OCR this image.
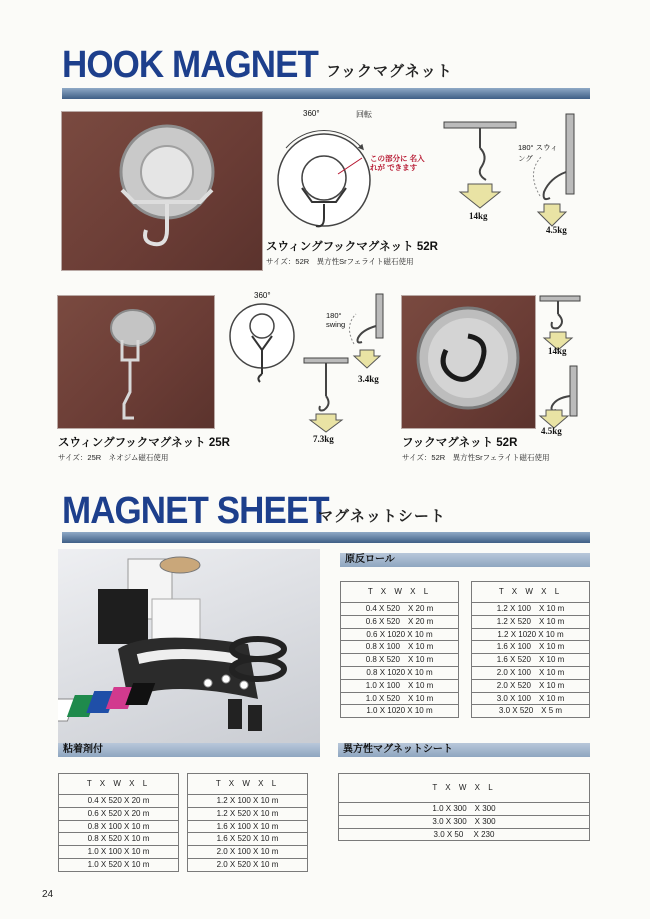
HOOK MAGNET フックマグネット
360°	回転
この部分に 名入れが できます
180° スウィング
14kg
4.5kg
スウィングフックマグネット 52R
サイズ：52R　異方性Srフェライト磁石使用
360°
180° swing
3.4kg
7.3kg
スウィングフックマグネット 25R
サイズ：25R　ネオジム磁石使用
14kg
4.5kg
フックマグネット 52R
サイズ：52R　異方性Srフェライト磁石使用
MAGNET SHEET
マグネットシート
原反ロール
T X W X L
0.4 X 520　X 20 m
0.6 X 520　X 20 m
0.6 X 1020 X 10 m
0.8 X 100　X 10 m
0.8 X 520　X 10 m
0.8 X 1020 X 10 m
1.0 X 100　X 10 m
1.0 X 520　X 10 m
1.0 X 1020 X 10 m
T X W X L
1.2 X 100　X 10 m
1.2 X 520　X 10 m
1.2 X 1020 X 10 m
1.6 X 100　X 10 m
1.6 X 520　X 10 m
2.0 X 100　X 10 m
2.0 X 520　X 10 m
3.0 X 100　X 10 m
3.0 X 520　X 5 m
粘着剤付
T X W X L
0.4 X 520 X 20 m
0.6 X 520 X 20 m
0.8 X 100 X 10 m
0.8 X 520 X 10 m
1.0 X 100 X 10 m
1.0 X 520 X 10 m
T X W X L
1.2 X 100 X 10 m
1.2 X 520 X 10 m
1.6 X 100 X 10 m
1.6 X 520 X 10 m
2.0 X 100 X 10 m
2.0 X 520 X 10 m
異方性マグネットシート
T X W X L
1.0 X 300　X 300
3.0 X 300　X 300
3.0 X 50　 X 230
24
